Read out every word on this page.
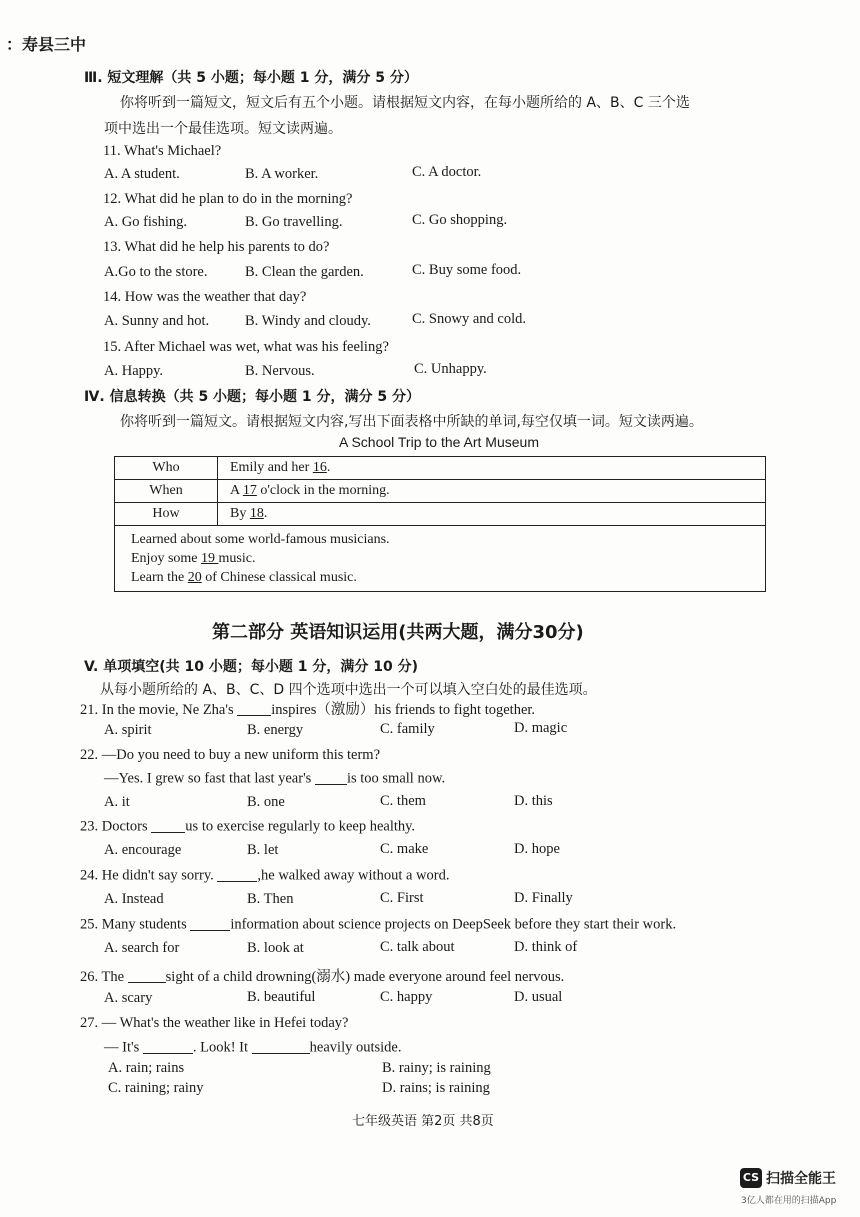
：寿县三中
Ⅲ. 短文理解（共 5 小题；每小题 1 分，满分 5 分）
你将听到一篇短文，短文后有五个小题。请根据短文内容，在每小题所给的 A、B、C 三个选
项中选出一个最佳选项。短文读两遍。
11. What's Michael?
A. A student.	B. A worker.	C. A doctor.
12. What did he plan to do in the morning?
A. Go fishing.	B. Go travelling.	C. Go shopping.
13. What did he help his parents to do?
A.Go to the store.	B. Clean the garden.	C. Buy some food.
14. How was the weather that day?
A. Sunny and hot. B. Windy and cloudy.	C. Snowy and cold.
15. After Michael was wet, what was his feeling?
A. Happy.	B. Nervous.	C. Unhappy.
Ⅳ. 信息转换（共 5 小题；每小题 1 分，满分 5 分）
你将听到一篇短文。请根据短文内容,写出下面表格中所缺的单词,每空仅填一词。短文读两遍。
A School Trip to the Art Museum
Who	Emily and her 16.
When	A 17 o'clock in the morning.
How	By 18.

Learned about some world-famous musicians.
Enjoy some 19 music.
Learn the 20 of Chinese classical music.	
第二部分 英语知识运用(共两大题，满分30分)
V. 单项填空(共 10 小题；每小题 1 分，满分 10 分)
从每小题所给的 A、B、C、D 四个选项中选出一个可以填入空白处的最佳选项。
21. In the movie, Ne Zha's inspires（激励）his friends to fight together.
A. spirit	B. energy	C. family	D. magic
22. —Do you need to buy a new uniform this term?
—Yes. I grew so fast that last year's is too small now.
A. it	B. one	C. them	D. this
23. Doctors us to exercise regularly to keep healthy.
A. encourage	B. let	C. make	D. hope
24. He didn't say sorry.	,he walked away without a word.
A. Instead	B. Then	C. First	D. Finally
25. Many students	information about science projects on DeepSeek before they start their work.
A. search for	B. look at	C. talk about	D. think of
26. The	sight of a child drowning(溺水) made everyone around feel nervous.
A. scary	B. beautiful	C. happy	D. usual
27. — What's the weather like in Hefei today?
— It's	. Look! It	heavily outside.
A. rain; rains	B. rainy; is raining
C. raining; rainy	D. rains; is raining
七年级英语 第2页 共8页
CS 扫描全能王
3亿人都在用的扫描App
